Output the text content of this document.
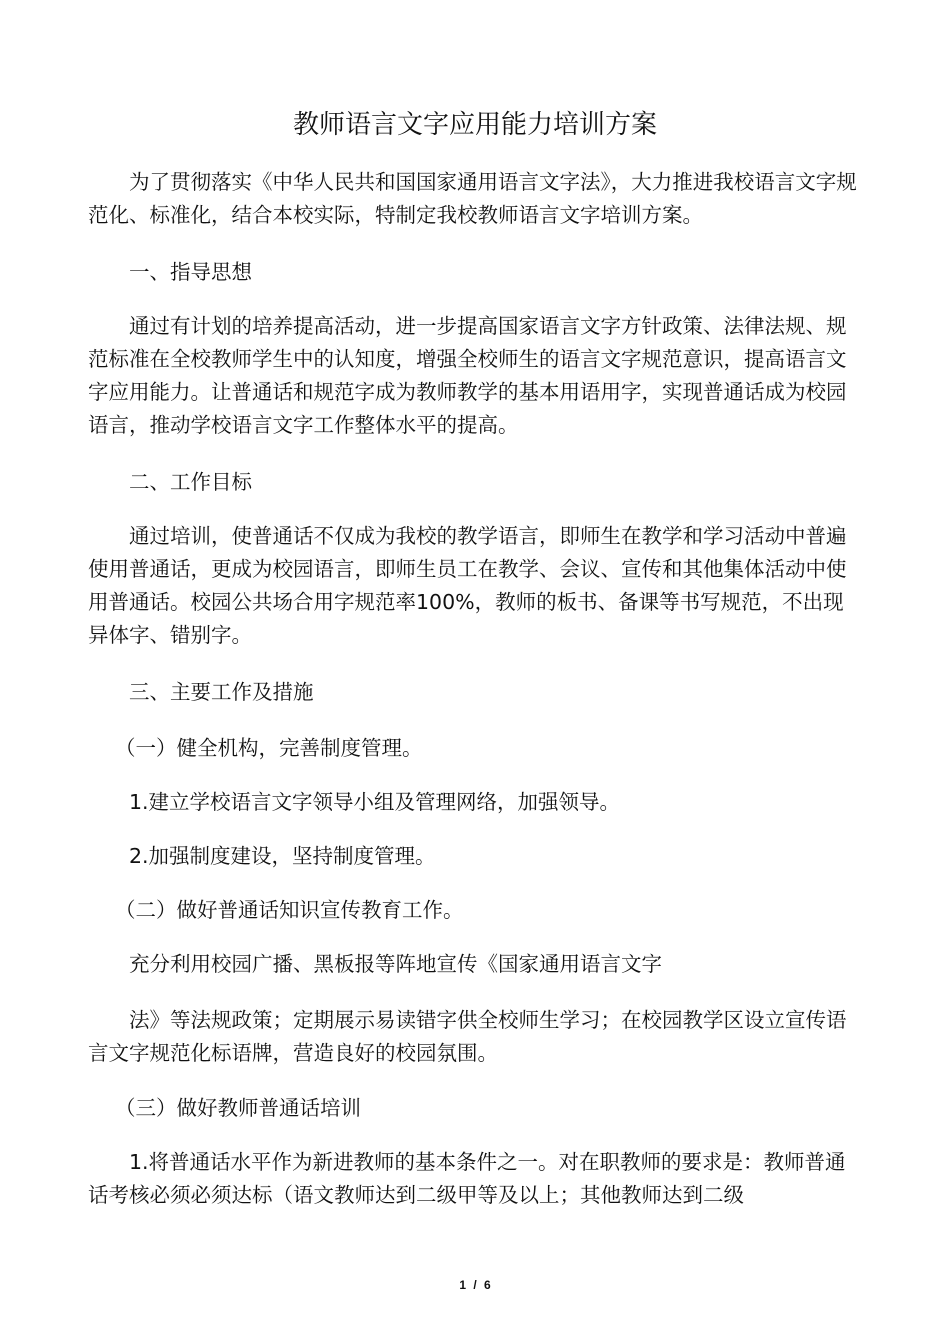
教师语言文字应用能力培训方案

　　为了贯彻落实《中华人民共和国国家通用语言文字法》，大力推进我校语言文字规范化、标准化，结合本校实际，特制定我校教师语言文字培训方案。

　　一、指导思想

　　通过有计划的培养提高活动，进一步提高国家语言文字方针政策、法律法规、规范标准在全校教师学生中的认知度，增强全校师生的语言文字规范意识，提高语言文字应用能力。让普通话和规范字成为教师教学的基本用语用字，实现普通话成为校园语言，推动学校语言文字工作整体水平的提高。

　　二、工作目标

　　通过培训，使普通话不仅成为我校的教学语言，即师生在教学和学习活动中普遍使用普通话，更成为校园语言，即师生员工在教学、会议、宣传和其他集体活动中使用普通话。校园公共场合用字规范率100%，教师的板书、备课等书写规范，不出现异体字、错别字。

　　三、主要工作及措施

　 （一）健全机构，完善制度管理。

　　1.建立学校语言文字领导小组及管理网络，加强领导。

　　2.加强制度建设，坚持制度管理。

　 （二）做好普通话知识宣传教育工作。

　　充分利用校园广播、黑板报等阵地宣传《国家通用语言文字

　　法》等法规政策；定期展示易读错字供全校师生学习；在校园教学区设立宣传语言文字规范化标语牌，营造良好的校园氛围。

　 （三）做好教师普通话培训

　　1.将普通话水平作为新进教师的基本条件之一。对在职教师的要求是：教师普通话考核必须必须达标（语文教师达到二级甲等及以上；其他教师达到二级

1 / 6
